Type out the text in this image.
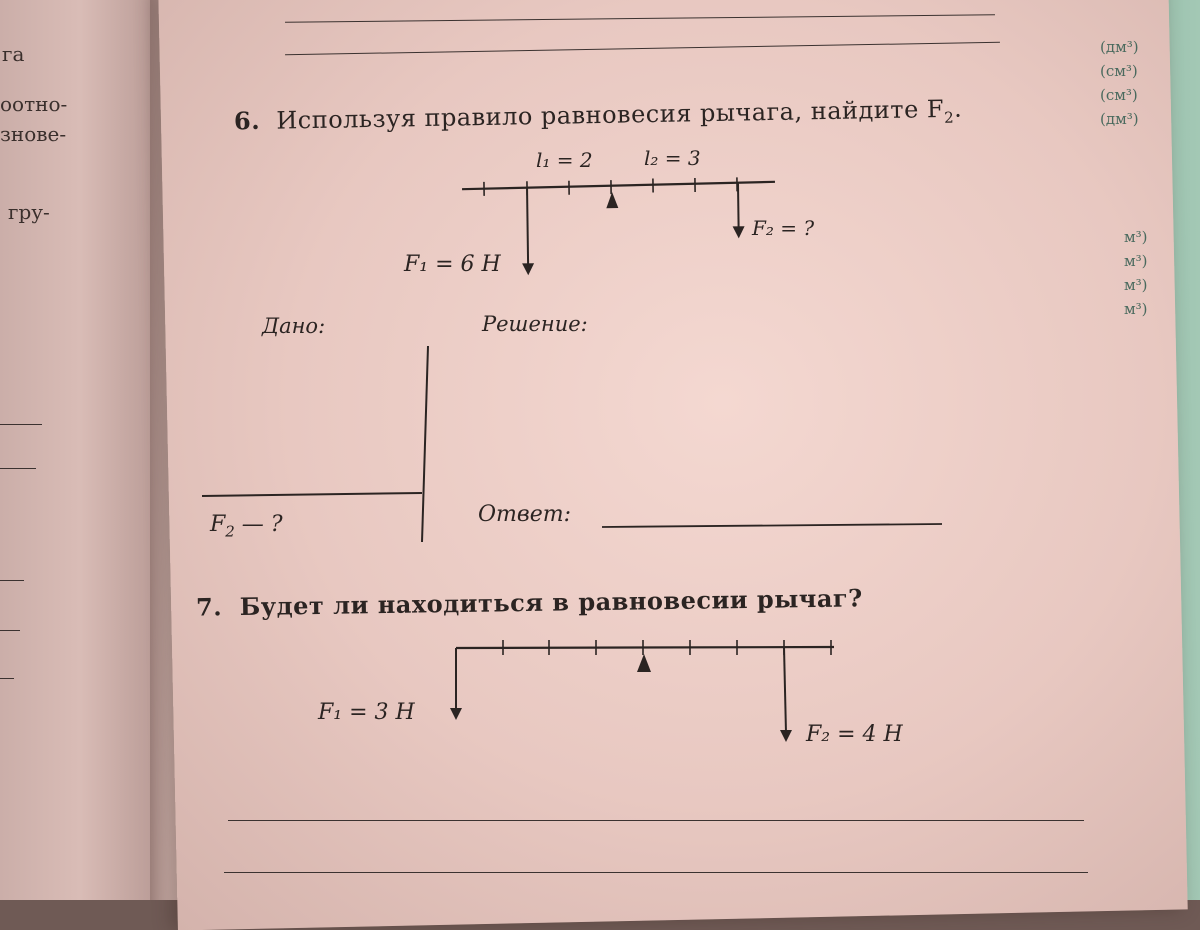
га
оотно-
знове-
гру-
(дм³)
(см³)
(см³)
(дм³)
м³)
м³)
м³)
м³)
6. Используя правило равновесия рычага, найдите $F_2$.
l₁ = 2	l₂ = 3
F₁ = 6 Н
F₂ = ?
Дано:	Решение:
$F_2$ — ?	Ответ:
7. Будет ли находиться в равновесии рычаг?
F₁ = 3 Н
F₂ = 4 Н
